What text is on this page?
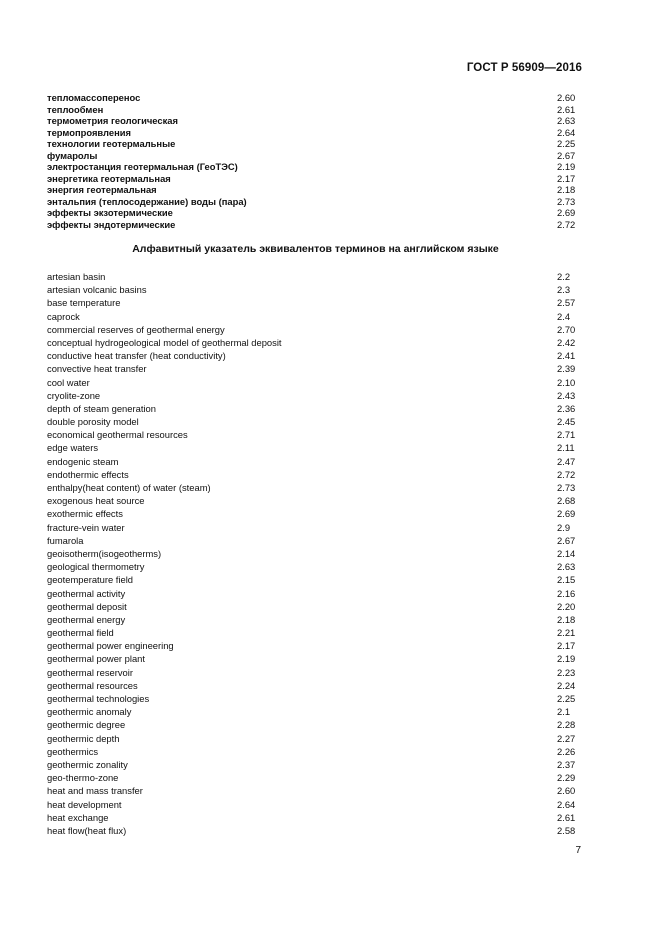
ГОСТ Р 56909—2016
тепломассоперенос	2.60
теплообмен	2.61
термометрия геологическая	2.63
термопроявления	2.64
технологии геотермальные	2.25
фумаролы	2.67
электростанция геотермальная (ГеоТЭС)	2.19
энергетика геотермальная	2.17
энергия геотермальная	2.18
энтальпия (теплосодержание) воды (пара)	2.73
эффекты экзотермические	2.69
эффекты эндотермические	2.72
Алфавитный указатель эквивалентов терминов на английском языке
artesian basin	2.2
artesian volcanic basins	2.3
base temperature	2.57
caprock	2.4
commercial reserves of geothermal energy	2.70
conceptual hydrogeological model of geothermal deposit	2.42
conductive heat transfer (heat conductivity)	2.41
convective heat transfer	2.39
cool water	2.10
cryolite-zone	2.43
depth of steam generation	2.36
double porosity model	2.45
economical geothermal resources	2.71
edge waters	2.11
endogenic steam	2.47
endothermic effects	2.72
enthalpy(heat content) of water (steam)	2.73
exogenous heat source	2.68
exothermic effects	2.69
fracture-vein water	2.9
fumarola	2.67
geoisotherm(isogeotherms)	2.14
geological thermometry	2.63
geotemperature field	2.15
geothermal activity	2.16
geothermal deposit	2.20
geothermal energy	2.18
geothermal field	2.21
geothermal power engineering	2.17
geothermal power plant	2.19
geothermal reservoir	2.23
geothermal resources	2.24
geothermal technologies	2.25
geothermic anomaly	2.1
geothermic degree	2.28
geothermic depth	2.27
geothermics	2.26
geothermic zonality	2.37
geo-thermo-zone	2.29
heat and mass transfer	2.60
heat development	2.64
heat exchange	2.61
heat flow(heat flux)	2.58
7
